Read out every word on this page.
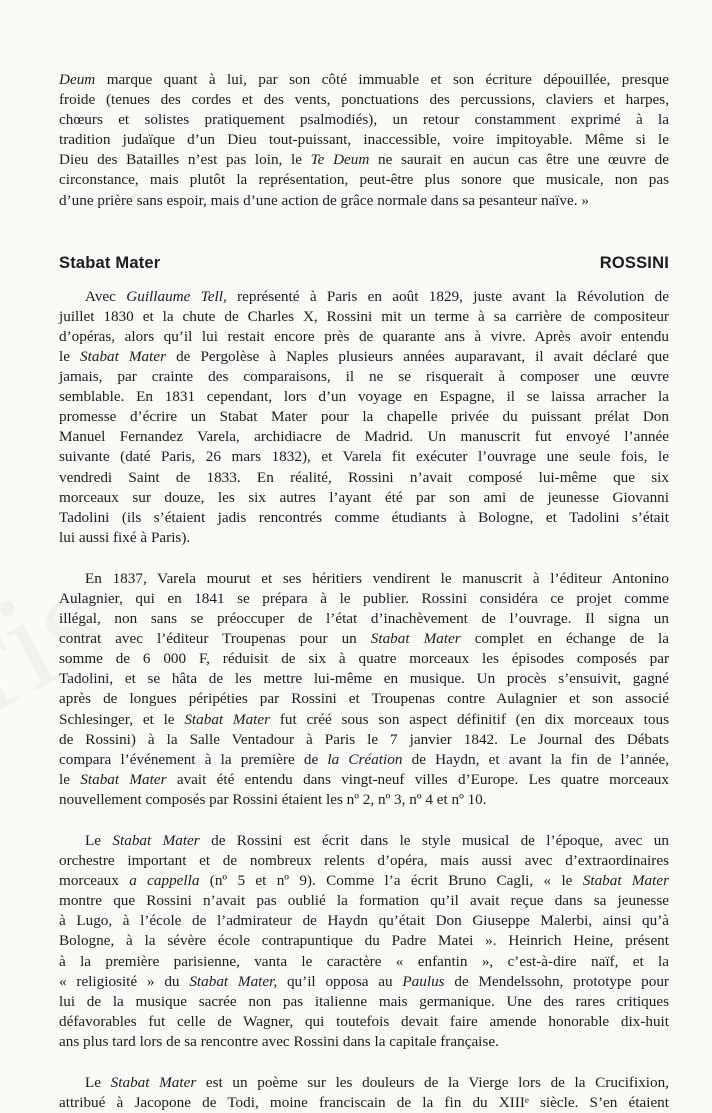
Deum marque quant à lui, par son côté immuable et son écriture dépouillée, presque
froide (tenues des cordes et des vents, ponctuations des percussions, claviers et harpes,
chœurs et solistes pratiquement psalmodiés), un retour constamment exprimé à la
tradition judaïque d’un Dieu tout-puissant, inaccessible, voire impitoyable. Même si le
Dieu des Batailles n’est pas loin, le Te Deum ne saurait en aucun cas être une œuvre de
circonstance, mais plutôt la représentation, peut-être plus sonore que musicale, non pas
d’une prière sans espoir, mais d’une action de grâce normale dans sa pesanteur naïve. »
Stabat Mater	ROSSINI
Avec Guillaume Tell, représenté à Paris en août 1829, juste avant la Révolution de
juillet 1830 et la chute de Charles X, Rossini mit un terme à sa carrière de compositeur
d’opéras, alors qu’il lui restait encore près de quarante ans à vivre. Après avoir entendu
le Stabat Mater de Pergolèse à Naples plusieurs années auparavant, il avait déclaré que
jamais, par crainte des comparaisons, il ne se risquerait à composer une œuvre
semblable. En 1831 cependant, lors d’un voyage en Espagne, il se laissa arracher la
promesse d’écrire un Stabat Mater pour la chapelle privée du puissant prélat Don
Manuel Fernandez Varela, archidiacre de Madrid. Un manuscrit fut envoyé l’année
suivante (daté Paris, 26 mars 1832), et Varela fit exécuter l’ouvrage une seule fois, le
vendredi Saint de 1833. En réalité, Rossini n’avait composé lui-même que six
morceaux sur douze, les six autres l’ayant été par son ami de jeunesse Giovanni
Tadolini (ils s’étaient jadis rencontrés comme étudiants à Bologne, et Tadolini s’était
lui aussi fixé à Paris).
En 1837, Varela mourut et ses héritiers vendirent le manuscrit à l’éditeur Antonino
Aulagnier, qui en 1841 se prépara à le publier. Rossini considéra ce projet comme
illégal, non sans se préoccuper de l’état d’inachèvement de l’ouvrage. Il signa un
contrat avec l’éditeur Troupenas pour un Stabat Mater complet en échange de la
somme de 6 000 F, réduisit de six à quatre morceaux les épisodes composés par
Tadolini, et se hâta de les mettre lui-même en musique. Un procès s’ensuivit, gagné
après de longues péripéties par Rossini et Troupenas contre Aulagnier et son associé
Schlesinger, et le Stabat Mater fut créé sous son aspect définitif (en dix morceaux tous
de Rossini) à la Salle Ventadour à Paris le 7 janvier 1842. Le Journal des Débats
compara l’événement à la première de la Création de Haydn, et avant la fin de l’année,
le Stabat Mater avait été entendu dans vingt-neuf villes d’Europe. Les quatre morceaux
nouvellement composés par Rossini étaient les nº 2, nº 3, nº 4 et nº 10.
Le Stabat Mater de Rossini est écrit dans le style musical de l’époque, avec un
orchestre important et de nombreux relents d’opéra, mais aussi avec d’extraordinaires
morceaux a cappella (nº 5 et nº 9). Comme l’a écrit Bruno Cagli, « le Stabat Mater
montre que Rossini n’avait pas oublié la formation qu’il avait reçue dans sa jeunesse
à Lugo, à l’école de l’admirateur de Haydn qu’était Don Giuseppe Malerbi, ainsi qu’à
Bologne, à la sévère école contrapuntique du Padre Matei ». Heinrich Heine, présent
à la première parisienne, vanta le caractère « enfantin », c’est-à-dire naïf, et la
« religiosité » du Stabat Mater, qu’il opposa au Paulus de Mendelssohn, prototype pour
lui de la musique sacrée non pas italienne mais germanique. Une des rares critiques
défavorables fut celle de Wagner, qui toutefois devait faire amende honorable dix-huit
ans plus tard lors de sa rencontre avec Rossini dans la capitale française.
Le Stabat Mater est un poème sur les douleurs de la Vierge lors de la Crucifixion,
attribué à Jacopone de Todi, moine franciscain de la fin du XIIIᵉ siècle. S’en étaient
